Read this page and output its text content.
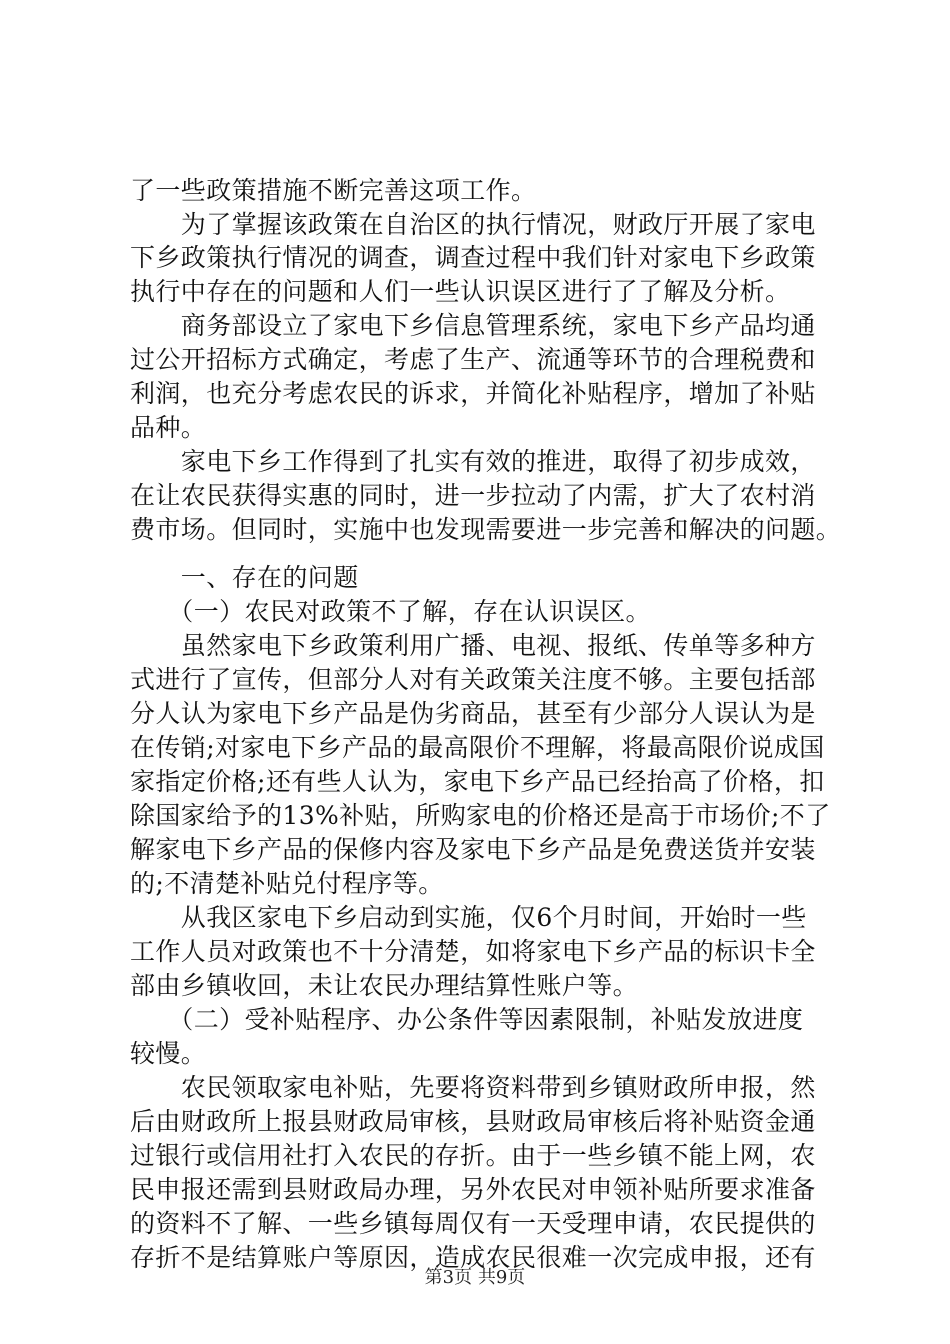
了一些政策措施不断完善这项工作。
　　为了掌握该政策在自治区的执行情况，财政厅开展了家电
下乡政策执行情况的调查，调查过程中我们针对家电下乡政策
执行中存在的问题和人们一些认识误区进行了了解及分析。
　　商务部设立了家电下乡信息管理系统，家电下乡产品均通
过公开招标方式确定，考虑了生产、流通等环节的合理税费和
利润，也充分考虑农民的诉求，并简化补贴程序，增加了补贴
品种。
　　家电下乡工作得到了扎实有效的推进，取得了初步成效，
在让农民获得实惠的同时，进一步拉动了内需，扩大了农村消
费市场。但同时，实施中也发现需要进一步完善和解决的问题。
　　一、存在的问题
　　（一）农民对政策不了解，存在认识误区。
　　虽然家电下乡政策利用广播、电视、报纸、传单等多种方
式进行了宣传，但部分人对有关政策关注度不够。主要包括部
分人认为家电下乡产品是伪劣商品，甚至有少部分人误认为是
在传销;对家电下乡产品的最高限价不理解，将最高限价说成国
家指定价格;还有些人认为，家电下乡产品已经抬高了价格，扣
除国家给予的13%补贴，所购家电的价格还是高于市场价;不了
解家电下乡产品的保修内容及家电下乡产品是免费送货并安装
的;不清楚补贴兑付程序等。
　　从我区家电下乡启动到实施，仅6个月时间，开始时一些
工作人员对政策也不十分清楚，如将家电下乡产品的标识卡全
部由乡镇收回，未让农民办理结算性账户等。
　　（二）受补贴程序、办公条件等因素限制，补贴发放进度
较慢。
　　农民领取家电补贴，先要将资料带到乡镇财政所申报，然
后由财政所上报县财政局审核，县财政局审核后将补贴资金通
过银行或信用社打入农民的存折。由于一些乡镇不能上网，农
民申报还需到县财政局办理，另外农民对申领补贴所要求准备
的资料不了解、一些乡镇每周仅有一天受理申请，农民提供的
存折不是结算账户等原因，造成农民很难一次完成申报，还有
第3页 共9页
